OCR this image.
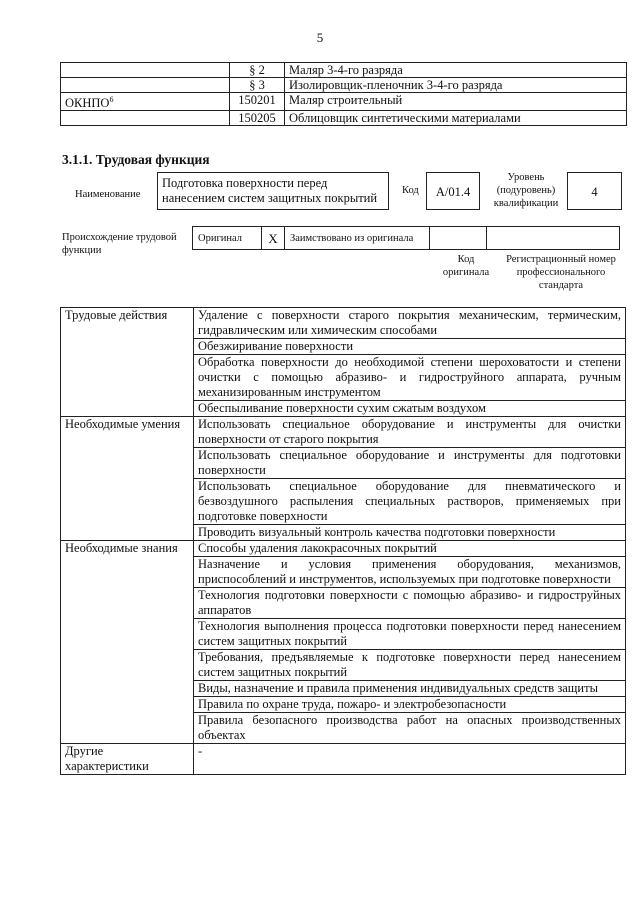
5
	§ 2	Маляр 3-4-го разряда
	§ 3	Изолировщик-пленочник 3-4-го разряда
ОКНПО$^6$	150201	Маляр строительный
	150205	Облицовщик синтетическими материалами
3.1.1. Трудовая функция
Наименование
Подготовка поверхности перед нанесением систем защитных покрытий
Код	A/01.4
Уровень (подуровень) квалификации
4
Происхождение трудовой функции
Оригинал	X	Заимствовано из оригинала
Код оригинала
Регистрационный номер профессионального стандарта
Трудовые действия	Удаление с поверхности старого покрытия механическим, термическим, гидравлическим или химическим способами
	Обезжиривание поверхности
	Обработка поверхности до необходимой степени шероховатости и степени очистки с помощью абразиво- и гидроструйного аппарата, ручным механизированным инструментом
	Обеспыливание поверхности сухим сжатым воздухом
Необходимые умения	Использовать специальное оборудование и инструменты для очистки поверхности от старого покрытия
	Использовать специальное оборудование и инструменты для подготовки поверхности
	Использовать специальное оборудование для пневматического и безвоздушного распыления специальных растворов, применяемых при подготовке поверхности
	Проводить визуальный контроль качества подготовки поверхности
Необходимые знания	Способы удаления лакокрасочных покрытий
	Назначение и условия применения оборудования, механизмов, приспособлений и инструментов, используемых при подготовке поверхности
	Технология подготовки поверхности с помощью абразиво- и гидроструйных аппаратов
	Технология выполнения процесса подготовки поверхности перед нанесением систем защитных покрытий
	Требования, предъявляемые к подготовке поверхности перед нанесением систем защитных покрытий
	Виды, назначение и правила применения индивидуальных средств защиты
	Правила по охране труда, пожаро- и электробезопасности
	Правила безопасного производства работ на опасных производственных объектах
Другие характеристики	-
